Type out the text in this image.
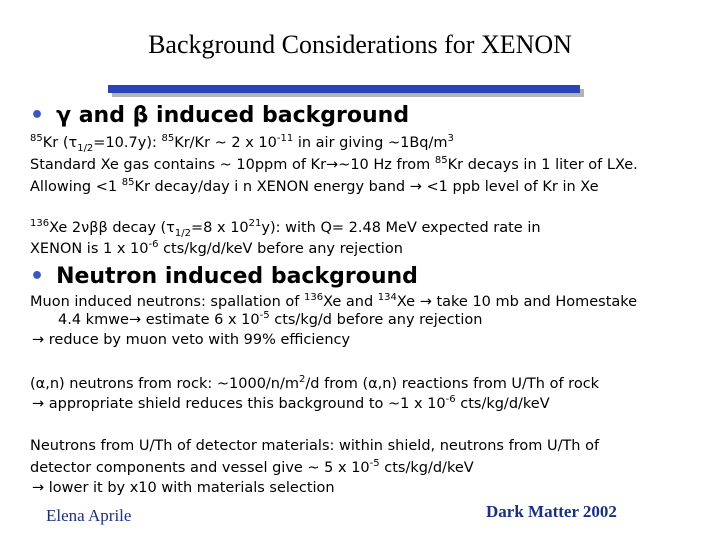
Background Considerations for XENON
• γ and β induced background
$^{85}$Kr $(\tau_{1/2}=10.7y)$: $^{85}$Kr/Kr ~ 2 x $10^{-11}$ in air giving $\sim 1Bq/m^3$
Standard Xe gas contains ~ 10ppm of Kr→~10 Hz from $^{85}$Kr decays in 1 liter of LXe.
Allowing <1 $^{85}$Kr decay/day i n XENON energy band → <1 ppb level of Kr in Xe
$^{136}$Xe 2νββ decay ($\tau_{1/2}=8$ x $10^{21}y$): with Q= 2.48 MeV expected rate in
XENON is 1 x $10^{-6}$ cts/kg/d/keV before any rejection
• Neutron induced background
Muon induced neutrons: spallation of $^{136}$Xe and $^{134}$Xe → take 10 mb and Homestake
4.4 kmwe→ estimate 6 x $10^{-5}$ cts/kg/d before any rejection
→ reduce by muon veto with 99% efficiency
(α,n) neutrons from rock: $\sim 1000/n/m^2/d$ from (α,n) reactions from U/Th of rock
→ appropriate shield reduces this background to ~1 x $10^{-6}$ cts/kg/d/keV
Neutrons from U/Th of detector materials: within shield, neutrons from U/Th of
detector components and vessel give ~ 5 x $10^{-5}$ cts/kg/d/keV
→ lower it by x10 with materials selection
Elena Aprile	Dark Matter 2002
